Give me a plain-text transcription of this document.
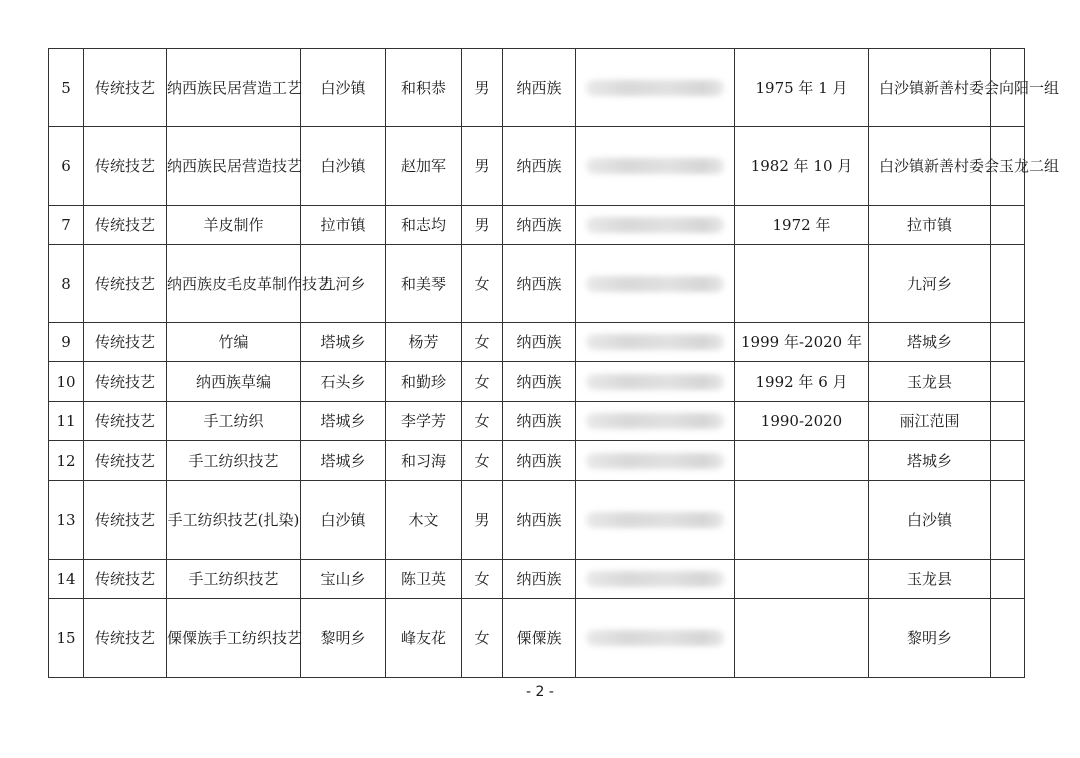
5	传统技艺	纳西族民居营造工艺	白沙镇	和积恭	男	纳西族		1975 年 1 月	白沙镇新善村委会向阳一组	
6	传统技艺	纳西族民居营造技艺	白沙镇	赵加军	男	纳西族		1982 年 10 月	白沙镇新善村委会玉龙二组	
7	传统技艺	羊皮制作	拉市镇	和志均	男	纳西族		1972 年	拉市镇	
8	传统技艺	纳西族皮毛皮革制作技艺	九河乡	和美琴	女	纳西族			九河乡	
9	传统技艺	竹编	塔城乡	杨芳	女	纳西族		1999 年-2020 年	塔城乡	
10	传统技艺	纳西族草编	石头乡	和勤珍	女	纳西族		1992 年 6 月	玉龙县	
11	传统技艺	手工纺织	塔城乡	李学芳	女	纳西族		1990-2020	丽江范围	
12	传统技艺	手工纺织技艺	塔城乡	和习海	女	纳西族			塔城乡	
13	传统技艺	手工纺织技艺(扎染)	白沙镇	木文	男	纳西族			白沙镇	
14	传统技艺	手工纺织技艺	宝山乡	陈卫英	女	纳西族			玉龙县	
15	传统技艺	傈僳族手工纺织技艺	黎明乡	峰友花	女	傈僳族			黎明乡	
- 2 -
